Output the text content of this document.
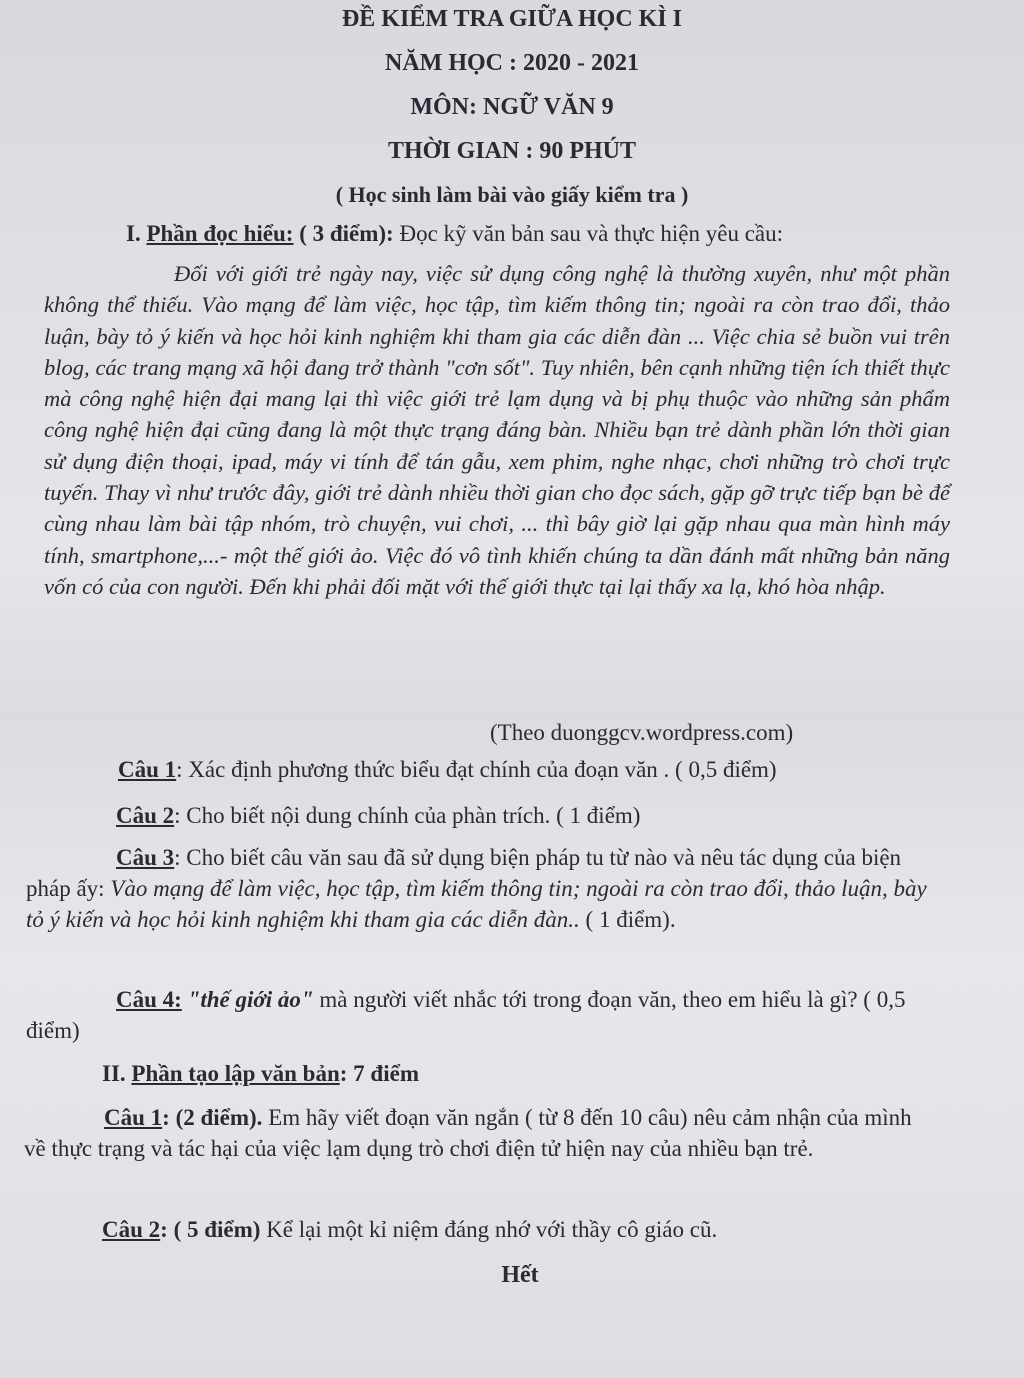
ĐỀ KIỂM TRA GIỮA HỌC KÌ I
NĂM HỌC : 2020 - 2021
MÔN: NGỮ VĂN 9
THỜI GIAN : 90 PHÚT
( Học sinh làm bài vào giấy kiểm tra )
I. Phần đọc hiểu: ( 3 điểm): Đọc kỹ văn bản sau và thực hiện yêu cầu:
Đối với giới trẻ ngày nay, việc sử dụng công nghệ là thường xuyên, như một phần không thể thiếu. Vào mạng để làm việc, học tập, tìm kiếm thông tin; ngoài ra còn trao đổi, thảo luận, bày tỏ ý kiến và học hỏi kinh nghiệm khi tham gia các diễn đàn ... Việc chia sẻ buồn vui trên blog, các trang mạng xã hội đang trở thành "cơn sốt". Tuy nhiên, bên cạnh những tiện ích thiết thực mà công nghệ hiện đại mang lại thì việc giới trẻ lạm dụng và bị phụ thuộc vào những sản phẩm công nghệ hiện đại cũng đang là một thực trạng đáng bàn. Nhiều bạn trẻ dành phần lớn thời gian sử dụng điện thoại, ipad, máy vi tính để tán gẫu, xem phim, nghe nhạc, chơi những trò chơi trực tuyến. Thay vì như trước đây, giới trẻ dành nhiều thời gian cho đọc sách, gặp gỡ trực tiếp bạn bè để cùng nhau làm bài tập nhóm, trò chuyện, vui chơi, ... thì bây giờ lại gặp nhau qua màn hình máy tính, smartphone,...- một thế giới ảo. Việc đó vô tình khiến chúng ta dần đánh mất những bản năng vốn có của con người. Đến khi phải đối mặt với thế giới thực tại lại thấy xa lạ, khó hòa nhập.
(Theo duonggcv.wordpress.com)
Câu 1: Xác định phương thức biểu đạt chính của đoạn văn . ( 0,5 điểm)
Câu 2: Cho biết nội dung chính của phàn trích. ( 1 điểm)
Câu 3: Cho biết câu văn sau đã sử dụng biện pháp tu từ nào và nêu tác dụng của biện pháp ấy: Vào mạng để làm việc, học tập, tìm kiếm thông tin; ngoài ra còn trao đổi, thảo luận, bày tỏ ý kiến và học hỏi kinh nghiệm khi tham gia các diễn đàn.. ( 1 điểm).
Câu 4: "thế giới ảo" mà người viết nhắc tới trong đoạn văn, theo em hiểu là gì? ( 0,5 điểm)
II. Phần tạo lập văn bản: 7 điểm
Câu 1: (2 điểm). Em hãy viết đoạn văn ngắn ( từ 8 đến 10 câu) nêu cảm nhận của mình về thực trạng và tác hại của việc lạm dụng trò chơi điện tử hiện nay của nhiều bạn trẻ.
Câu 2: ( 5 điểm) Kể lại một kỉ niệm đáng nhớ với thầy cô giáo cũ.
Hết
